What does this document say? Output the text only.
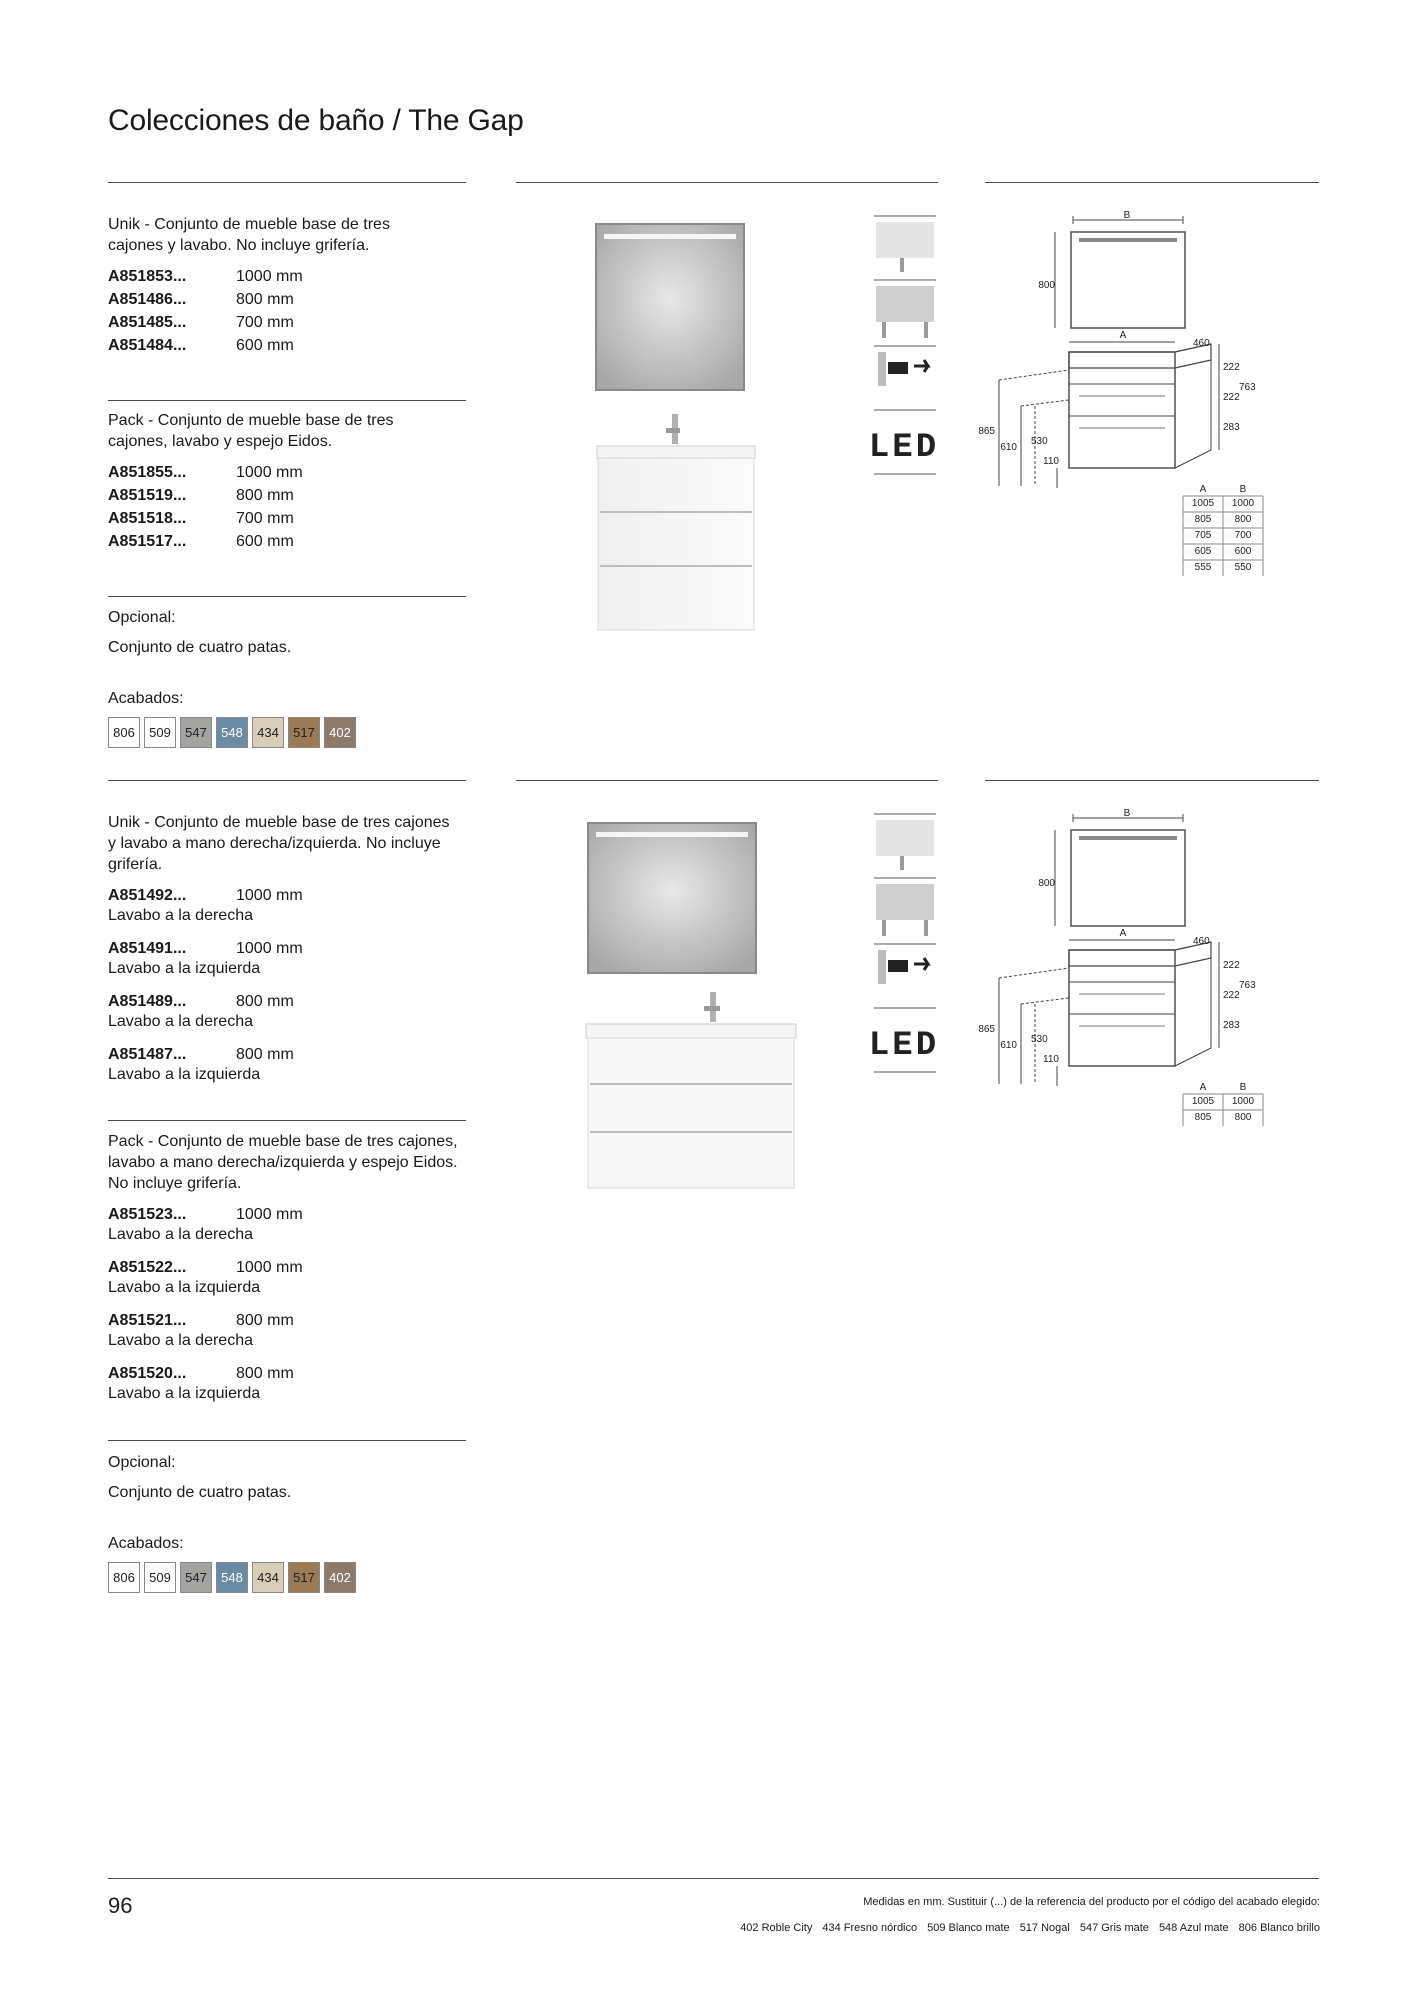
Colecciones de baño / The Gap

Unik - Conjunto de mueble base de tres cajones y lavabo. No incluye grifería.

A851853...	1000 mm
A851486...	800 mm
A851485...	700 mm
A851484...	600 mm

Pack - Conjunto de mueble base de tres cajones, lavabo y espejo Eidos.

A851855...	1000 mm
A851519...	800 mm
A851518...	700 mm
A851517...	600 mm

Opcional:

Conjunto de cuatro patas.

Acabados:

806	509	547	548	434	517	402
LED
B
800
A
460
222
222
283
763
865
610
530
110
A	B
1005 1000
805 800
705 700
605 600
555 550

Unik - Conjunto de mueble base de tres cajones y lavabo a mano derecha/izquierda. No incluye grifería.

A851492...	1000 mm
Lavabo a la derecha
A851491...	1000 mm
Lavabo a la izquierda
A851489...	800 mm
Lavabo a la derecha
A851487...	800 mm
Lavabo a la izquierda

Pack - Conjunto de mueble base de tres cajones, lavabo a mano derecha/izquierda y espejo Eidos. No incluye grifería.

A851523...	1000 mm
Lavabo a la derecha
A851522...	1000 mm
Lavabo a la izquierda
A851521...	800 mm
Lavabo a la derecha
A851520...	800 mm
Lavabo a la izquierda

Opcional:

Conjunto de cuatro patas.

Acabados:

806	509	547	548	434	517	402
LED
B
800
A
460
222
222
283
763
865
610
530
110
A	B
1005 1000
805 800
96	Medidas en mm. Sustituir (...) de la referencia del producto por el código del acabado elegido:
402 Roble City 434 Fresno nórdico 509 Blanco mate 517 Nogal 547 Gris mate 548 Azul mate 806 Blanco brillo
